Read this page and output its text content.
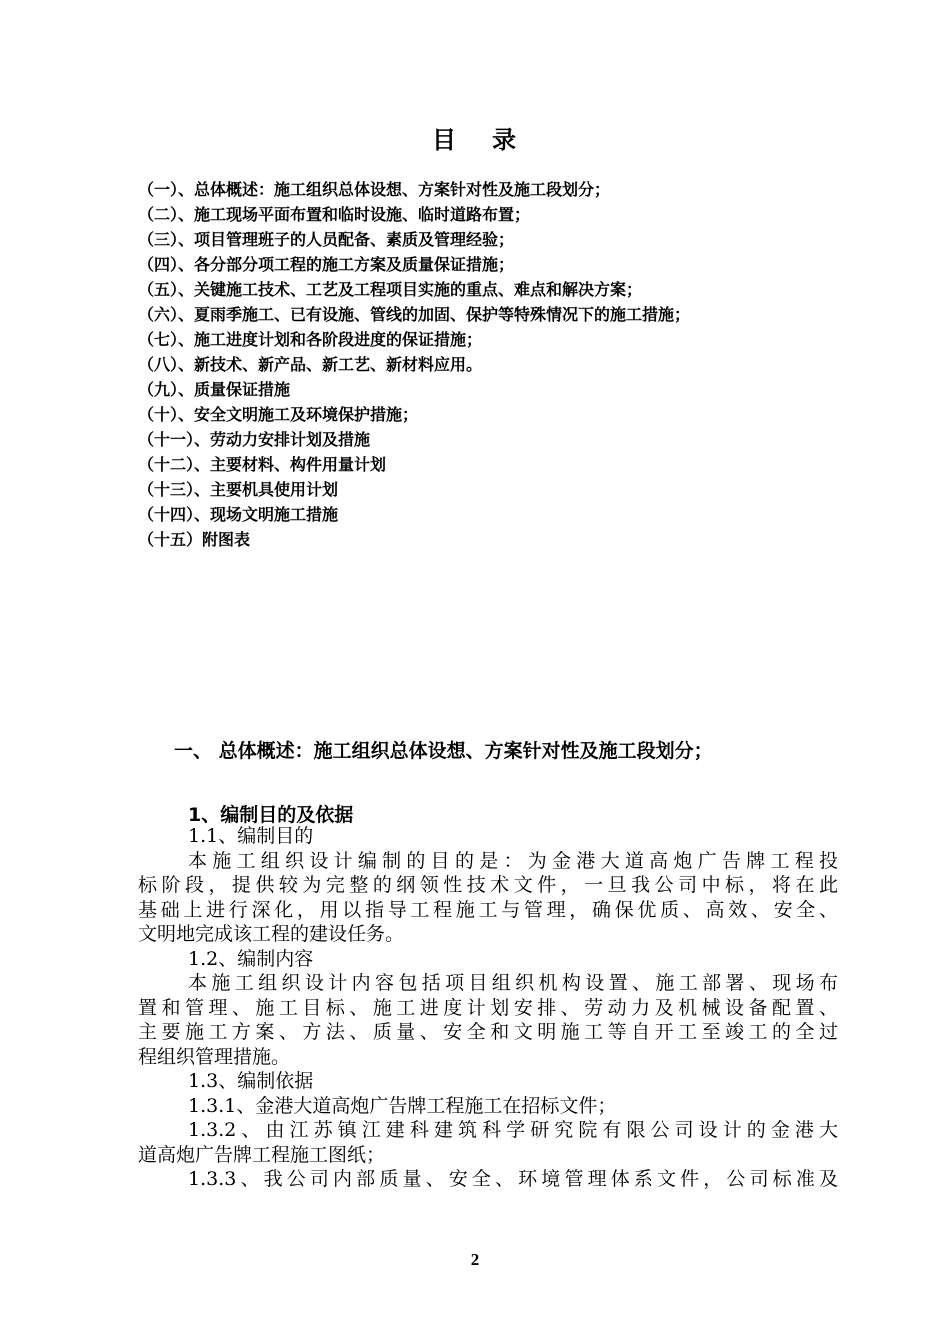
目 录
（一）、总体概述：施工组织总体设想、方案针对性及施工段划分；
（二）、施工现场平面布置和临时设施、临时道路布置；
（三）、项目管理班子的人员配备、素质及管理经验；
（四）、各分部分项工程的施工方案及质量保证措施；
（五）、关键施工技术、工艺及工程项目实施的重点、难点和解决方案；
（六）、夏雨季施工、已有设施、管线的加固、保护等特殊情况下的施工措施；
（七）、施工进度计划和各阶段进度的保证措施；
（八）、新技术、新产品、新工艺、新材料应用。
（九）、质量保证措施
（十）、安全文明施工及环境保护措施；
（十一）、劳动力安排计划及措施
（十二）、主要材料、构件用量计划
（十三）、主要机具使用计划
（十四）、现场文明施工措施
（十五）附图表
一、 总体概述：施工组织总体设想、方案针对性及施工段划分；
1、编制目的及依据
1.1、编制目的
本施工组织设计编制的目的是：为金港大道高炮广告牌工程投
标阶段，提供较为完整的纲领性技术文件，一旦我公司中标，将在此
基础上进行深化，用以指导工程施工与管理，确保优质、高效、安全、
文明地完成该工程的建设任务。
1.2、编制内容
本施工组织设计内容包括项目组织机构设置、施工部署、现场布
置和管理、施工目标、施工进度计划安排、劳动力及机械设备配置、
主要施工方案、方法、质量、安全和文明施工等自开工至竣工的全过
程组织管理措施。
1.3、编制依据
1.3.1、金港大道高炮广告牌工程施工在招标文件；
1.3.2、由江苏镇江建科建筑科学研究院有限公司设计的金港大
道高炮广告牌工程施工图纸；
1.3.3、我公司内部质量、安全、环境管理体系文件，公司标准及
2
